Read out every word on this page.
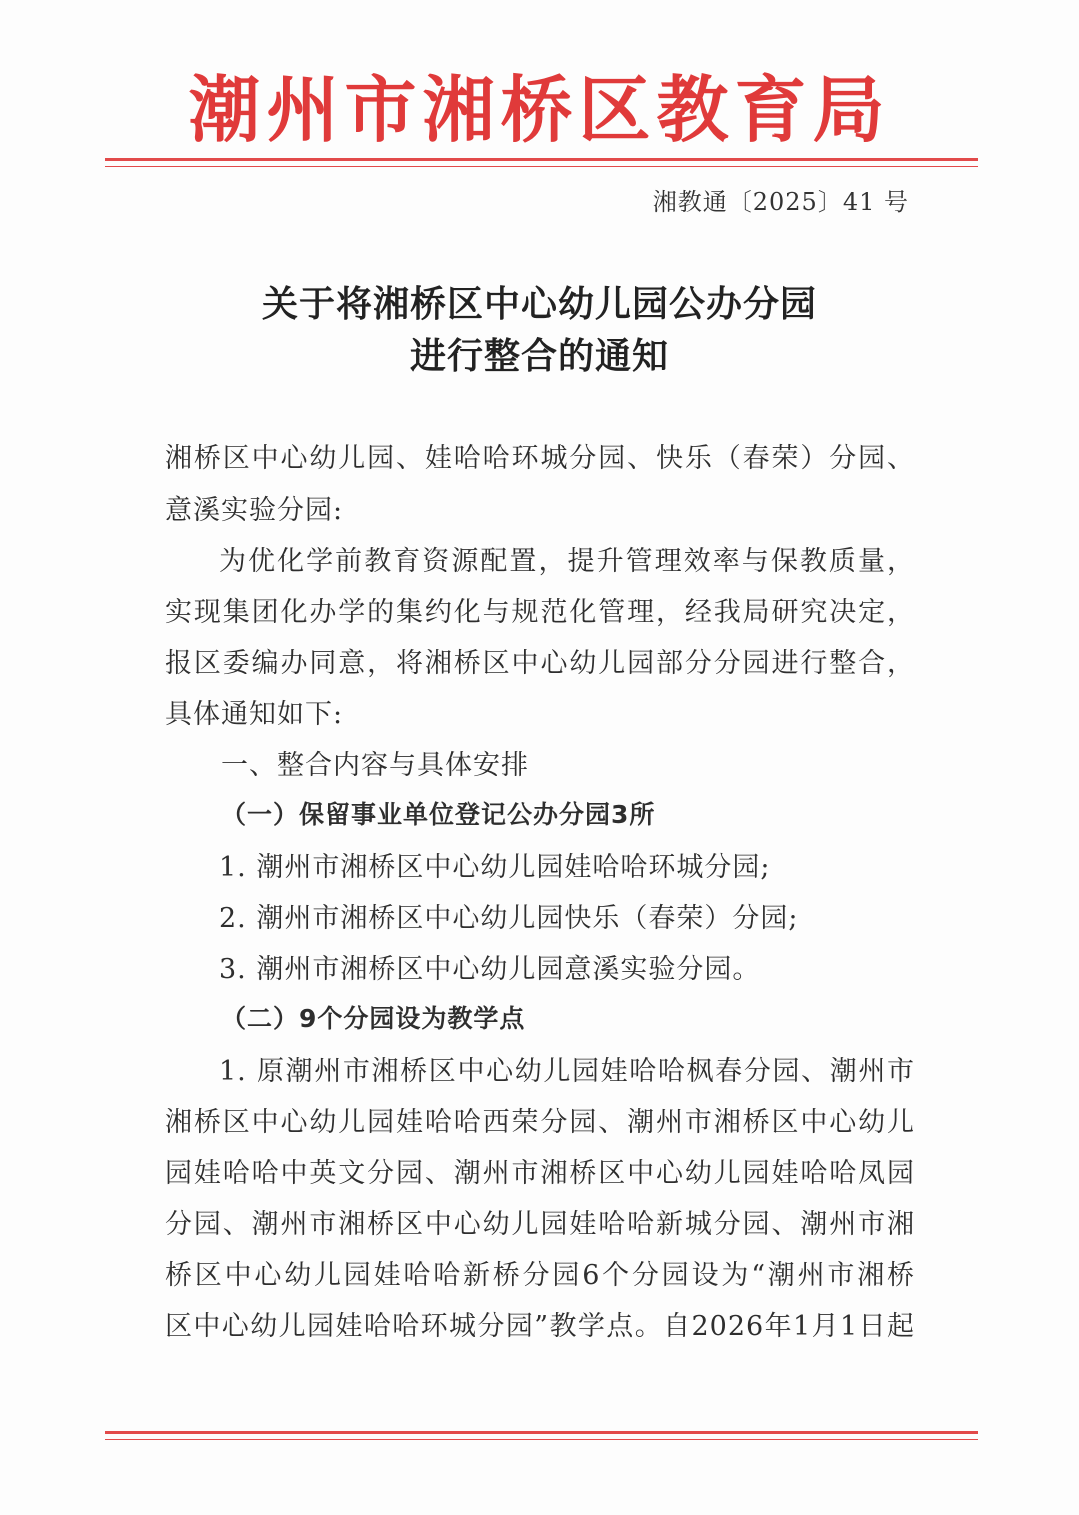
潮州市湘桥区教育局
湘教通〔2025〕41 号
关于将湘桥区中心幼儿园公办分园
进行整合的通知
湘桥区中心幼儿园、娃哈哈环城分园、快乐（春荣）分园、
意溪实验分园:
为优化学前教育资源配置，提升管理效率与保教质量，
实现集团化办学的集约化与规范化管理，经我局研究决定，
报区委编办同意，将湘桥区中心幼儿园部分分园进行整合，
具体通知如下:
一、整合内容与具体安排
（一）保留事业单位登记公办分园3所
1. 潮州市湘桥区中心幼儿园娃哈哈环城分园;
2. 潮州市湘桥区中心幼儿园快乐（春荣）分园;
3. 潮州市湘桥区中心幼儿园意溪实验分园。
（二）9个分园设为教学点
1. 原潮州市湘桥区中心幼儿园娃哈哈枫春分园、潮州市
湘桥区中心幼儿园娃哈哈西荣分园、潮州市湘桥区中心幼儿
园娃哈哈中英文分园、潮州市湘桥区中心幼儿园娃哈哈凤园
分园、潮州市湘桥区中心幼儿园娃哈哈新城分园、潮州市湘
桥区中心幼儿园娃哈哈新桥分园6个分园设为“潮州市湘桥
区中心幼儿园娃哈哈环城分园”教学点。自2026年1月1日起
